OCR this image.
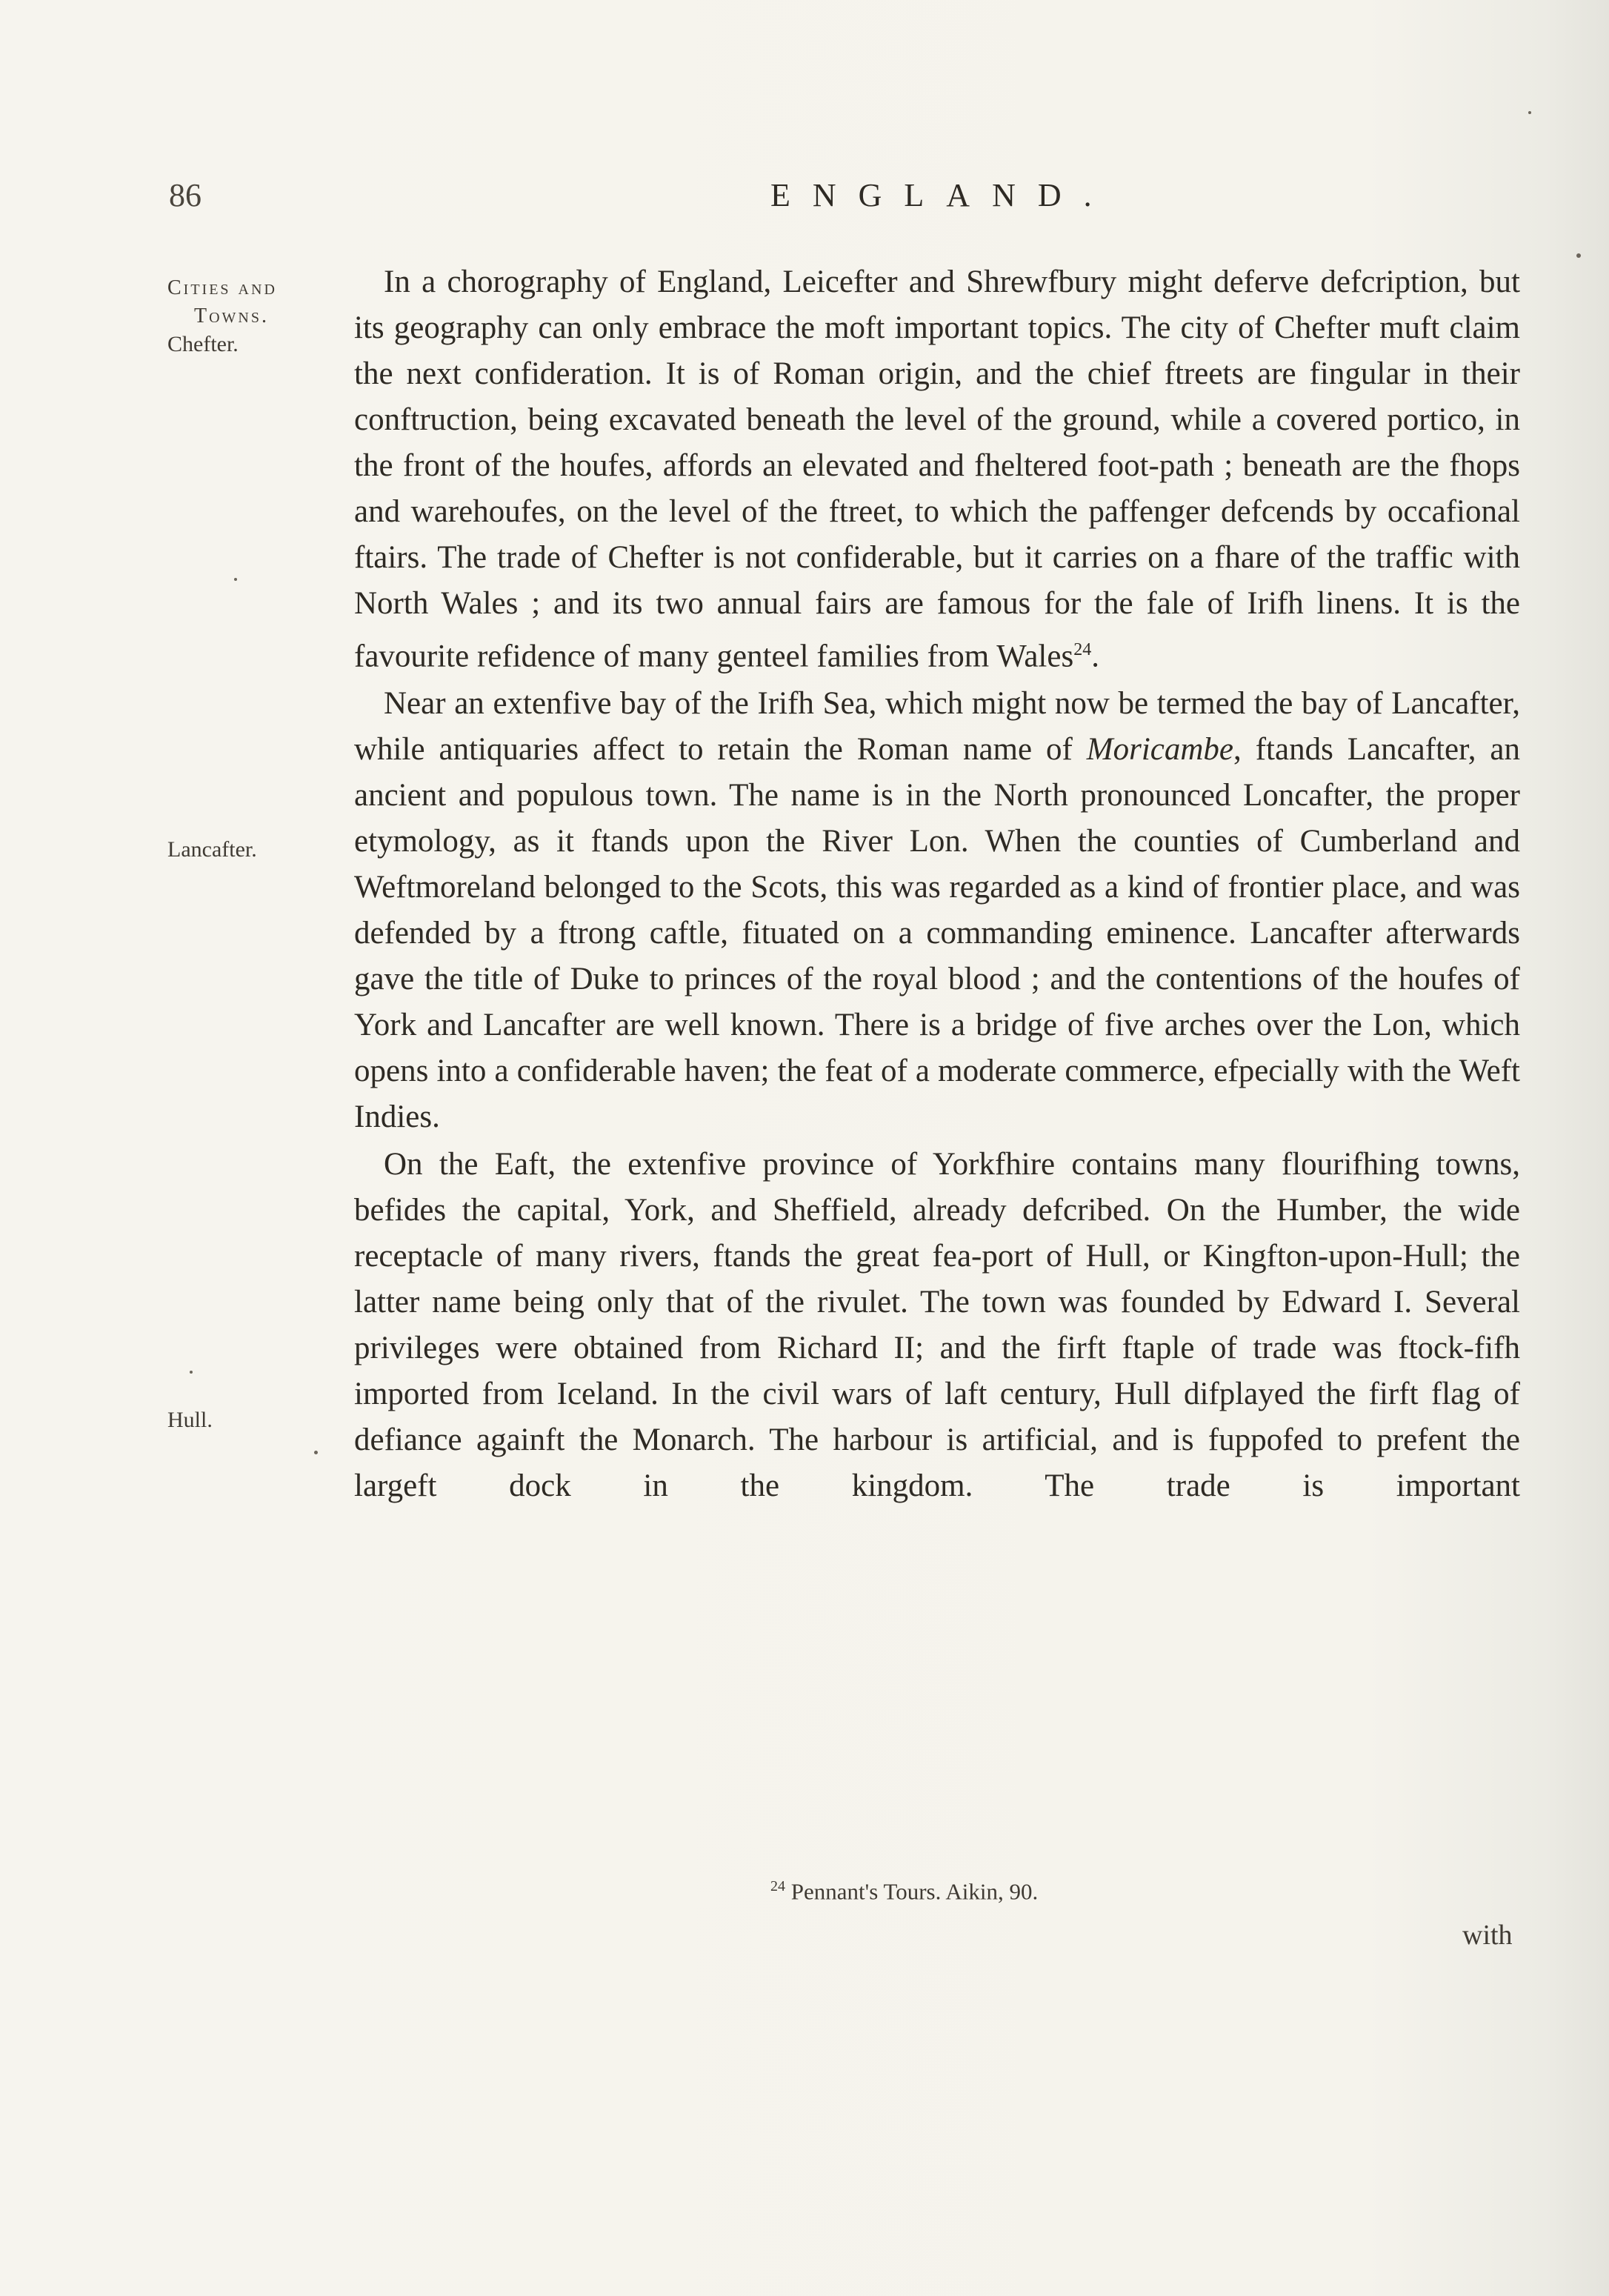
86	ENGLAND.
Cities and
Towns.
Chefter.
Lancafter.
Hull.

In a chorography of England, Leicefter and Shrewfbury might deferve defcription, but its geography can only embrace the moft important topics. The city of Chefter muft claim the next confideration. It is of Roman origin, and the chief ftreets are fingular in their conftruction, being excavated beneath the level of the ground, while a covered portico, in the front of the houfes, affords an elevated and fheltered foot-path ; beneath are the fhops and warehoufes, on the level of the ftreet, to which the paffenger defcends by occafional ftairs. The trade of Chefter is not confiderable, but it carries on a fhare of the traffic with North Wales ; and its two annual fairs are famous for the fale of Irifh linens. It is the favourite refidence of many genteel families from Wales$^{24}$.

Near an extenfive bay of the Irifh Sea, which might now be termed the bay of Lancafter, while antiquaries affect to retain the Roman name of Moricambe, ftands Lancafter, an ancient and populous town. The name is in the North pronounced Loncafter, the proper etymology, as it ftands upon the River Lon. When the counties of Cumberland and Weftmoreland belonged to the Scots, this was regarded as a kind of frontier place, and was defended by a ftrong caftle, fituated on a commanding eminence. Lancafter afterwards gave the title of Duke to princes of the royal blood ; and the contentions of the houfes of York and Lancafter are well known. There is a bridge of five arches over the Lon, which opens into a confiderable haven; the feat of a moderate commerce, efpecially with the Weft Indies.

On the Eaft, the extenfive province of Yorkfhire contains many flourifhing towns, befides the capital, York, and Sheffield, already defcribed. On the Humber, the wide receptacle of many rivers, ftands the great fea-port of Hull, or Kingfton-upon-Hull; the latter name being only that of the rivulet. The town was founded by Edward I. Several privileges were obtained from Richard II; and the firft ftaple of trade was ftock-fifh imported from Iceland. In the civil wars of laft century, Hull difplayed the firft flag of defiance againft the Monarch. The harbour is artificial, and is fuppofed to prefent the largeft dock in the kingdom. The trade is important

$^{24}$ Pennant's Tours. Aikin, 90.
with
